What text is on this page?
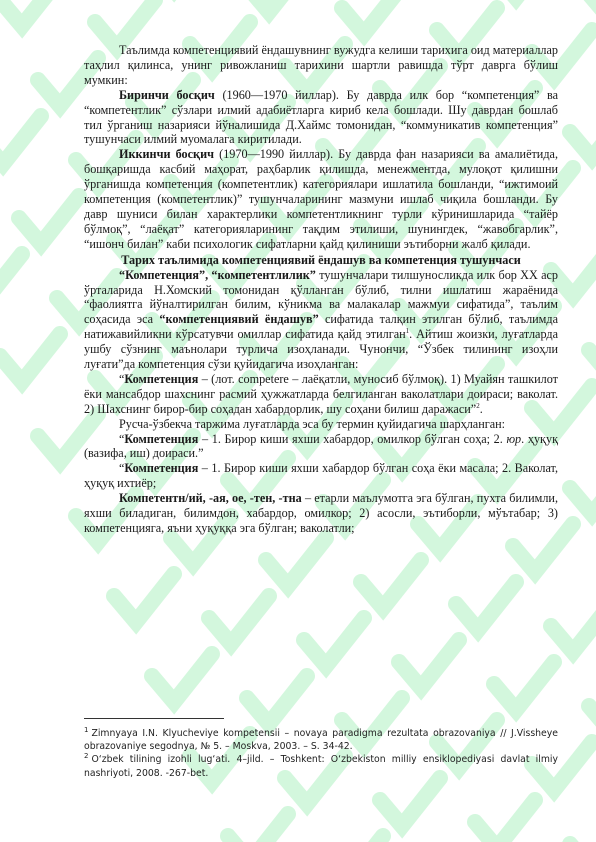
Таълимда компетенциявий ёндашувнинг вужудга келиши тарихига оид материаллар таҳлил қилинса, унинг ривожланиш тарихини шартли равишда тўрт даврга бўлиш мумкин:

Биринчи босқич (1960—1970 йиллар). Бу даврда илк бор “компетенция” ва “компетентлик” сўзлари илмий адабиётларга кириб кела бошлади. Шу даврдан бошлаб тил ўрганиш назарияси йўналишида Д.Хаймс томонидан, “коммуникатив компетенция” тушунчаси илмий муомалага киритилади.

Иккинчи босқич (1970—1990 йиллар). Бу даврда фан назарияси ва амалиётида, бошқаришда касбий маҳорат, раҳбарлик қилишда, менежментда, мулоқот қилишни ўрганишда компетенция (компетентлик) категориялари ишлатила бошланди, “ижтимоий компетенция (компетентлик)” тушунчаларининг мазмуни ишлаб чиқила бошланди. Бу давр шуниси билан характерлики компетентликнинг турли кўринишларида “тайёр бўлмоқ”, “лаёқат” категорияларининг тақдим этилиши, шунингдек, “жавобгарлик”, “ишонч билан” каби психологик сифатларни қайд қилиниши эътиборни жалб қилади.

Тарих таълимида компетенциявий ёндашув ва компетенция тушунчаси

“Компетенция”, “компетентлилик” тушунчалари тилшуносликда илк бор XX аср ўрталарида Н.Хомский томонидан қўлланган бўлиб, тилни ишлатиш жараёнида “фаолиятга йўналтирилган билим, кўникма ва малакалар мажмуи сифатида”, таълим соҳасида эса “компетенциявий ёндашув” сифатида талқин этилган бўлиб, таълимда натижавийликни кўрсатувчи омиллар сифатида қайд этилган$^1$. Айтиш жоизки, луғатларда ушбу сўзнинг маънолари турлича изоҳланади. Чунончи, “Ўзбек тилининг изоҳли луғати”да компетенция сўзи қуйидагича изоҳланган:

“Компетенция – (лот. competere – лаёқатли, муносиб бўлмоқ). 1) Муайян ташкилот ёки мансабдор шахснинг расмий ҳужжатларда белгиланган ваколатлари доираси; ваколат. 2) Шахснинг бирор-бир соҳадан хабардорлик, шу соҳани билиш даражаси”$^2$.

Русча-ўзбекча таржима луғатларда эса бу термин қуйидагича шарҳланган:

“Компетенция – 1. Бирор киши яхши хабардор, омилкор бўлган соҳа; 2. юр. ҳуқуқ (вазифа, иш) доираси.”

“Компетенция – 1. Бирор киши яхши хабардор бўлган соҳа ёки масала; 2. Ваколат, ҳуқуқ ихтиёр;

Компетентн/ий, -ая, ое, -тен, -тна – етарли маълумотга эга бўлган, пухта билимли, яхши биладиган, билимдон, хабардор, омилкор; 2) асосли, эътиборли, мўътабар; 3) компетенцияга, яъни ҳуқуққа эга бўлган; ваколатли;

$^1$ Zimnyaya I.N. Klyucheviye kompetensii – novaya paradigma rezultata obrazovaniya // J.Vissheye obrazovaniye segodnya, № 5. – Moskva, 2003. – S. 34-42.

$^2$ O‘zbek tilining izohli lug‘ati. 4–jild. – Toshkent: O‘zbekiston milliy ensiklopediyasi davlat ilmiy nashriyoti, 2008. -267-bet.
